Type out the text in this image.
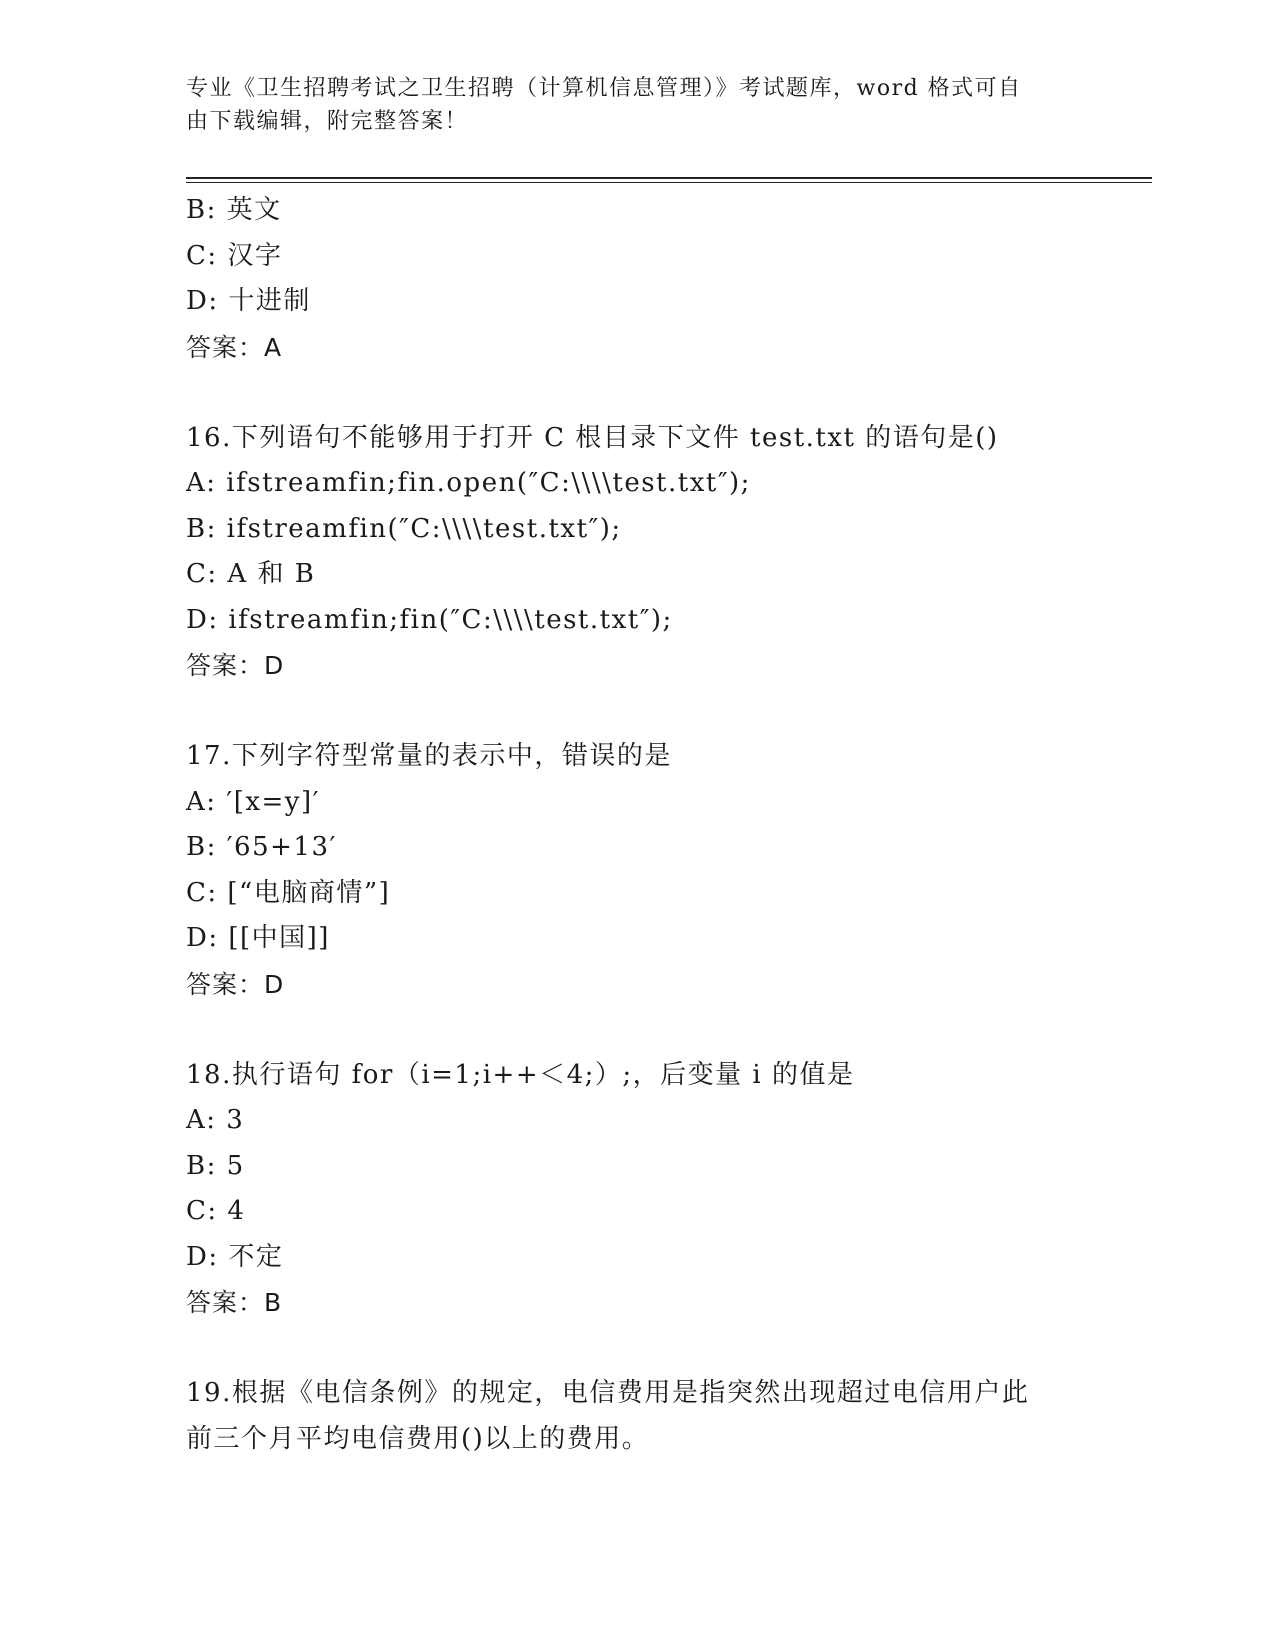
专业《卫生招聘考试之卫生招聘（计算机信息管理）》考试题库，word 格式可自
由下载编辑，附完整答案！
B: 英文
C: 汉字
D: 十进制
答案：A
16.下列语句不能够用于打开 C 根目录下文件 test.txt 的语句是()
A: ifstreamfin;fin.open(″C:\\\\test.txt″);
B: ifstreamfin(″C:\\\\test.txt″);
C: A 和 B
D: ifstreamfin;fin(″C:\\\\test.txt″);
答案：D
17.下列字符型常量的表示中，错误的是
A: ′[x=y]′
B: ′65+13′
C: [“电脑商情”]
D: [[中国]]
答案：D
18.执行语句 for（i=1;i++＜4;）;，后变量 i 的值是
A: 3
B: 5
C: 4
D: 不定
答案：B
19.根据《电信条例》的规定，电信费用是指突然出现超过电信用户此
前三个月平均电信费用()以上的费用。
